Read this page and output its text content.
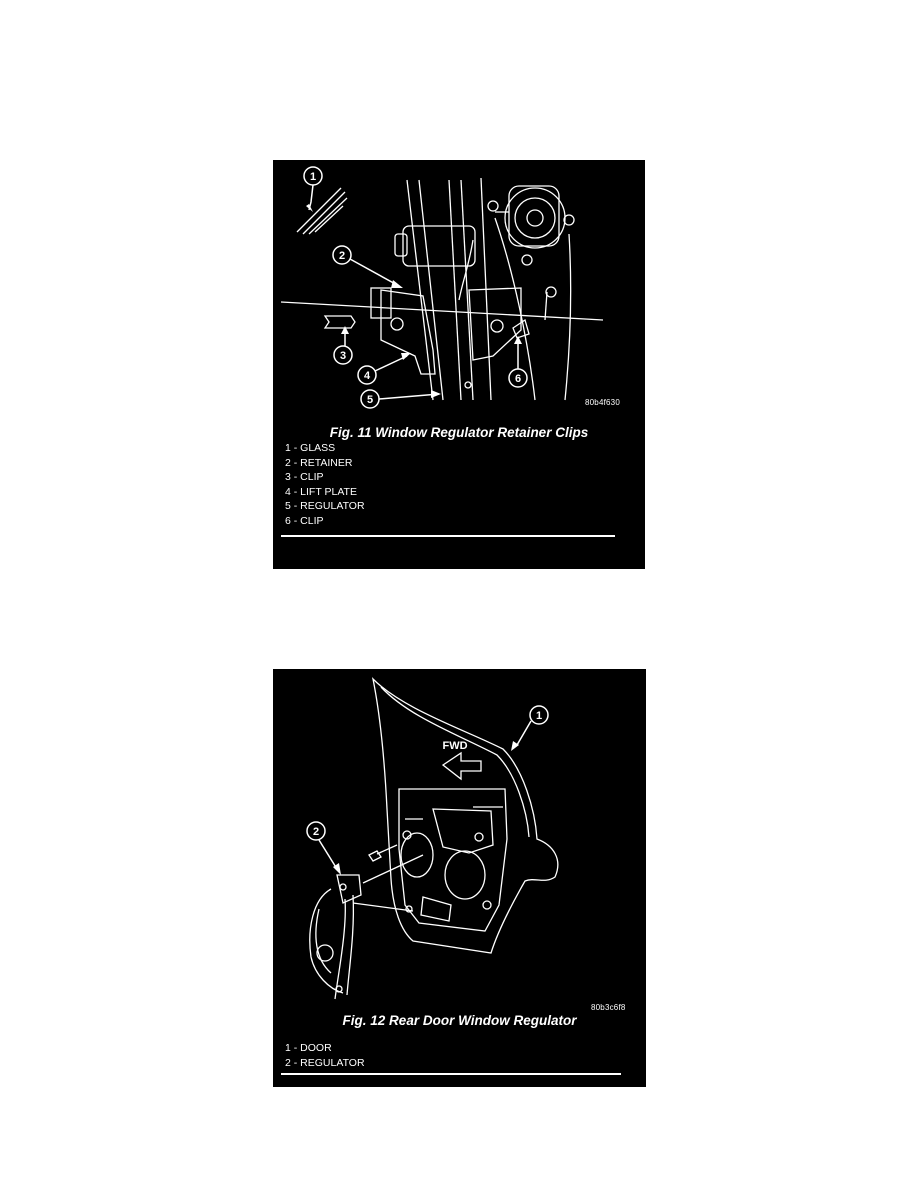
1
2
3
4
5
6
80b4f630
Fig. 11 Window Regulator Retainer Clips
1 - GLASS
2 - RETAINER
3 - CLIP
4 - LIFT PLATE
5 - REGULATOR
6 - CLIP
1
2
FWD
80b3c6f8
Fig. 12 Rear Door Window Regulator
1 - DOOR
2 - REGULATOR
